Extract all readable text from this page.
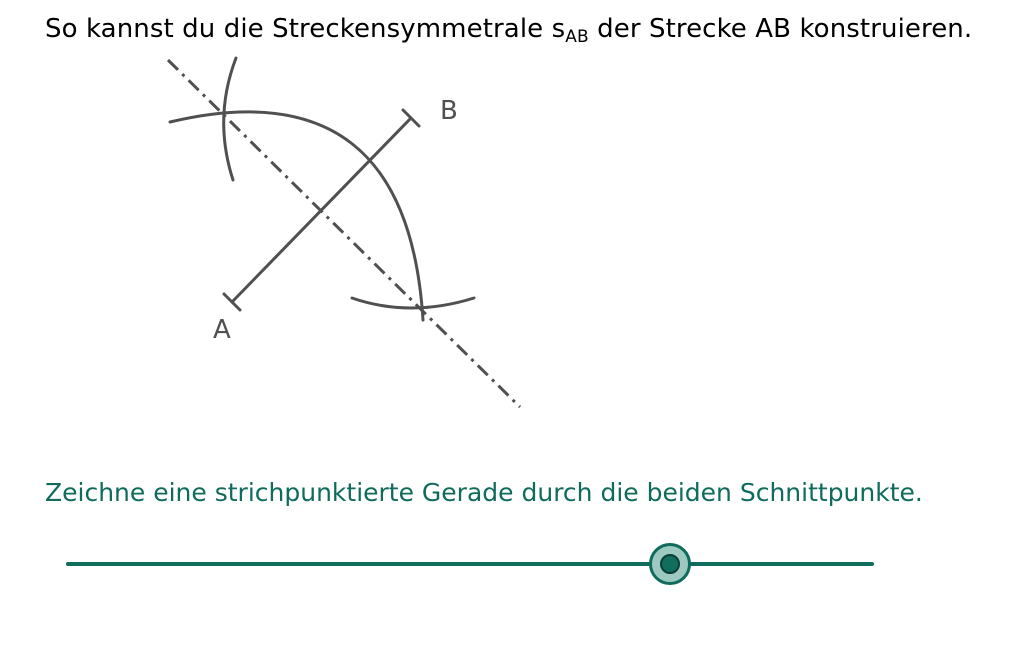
So kannst du die Streckensymmetrale $s_{AB}$ der Strecke AB konstruieren.
B
A
Zeichne eine strichpunktierte Gerade durch die beiden Schnittpunkte.
